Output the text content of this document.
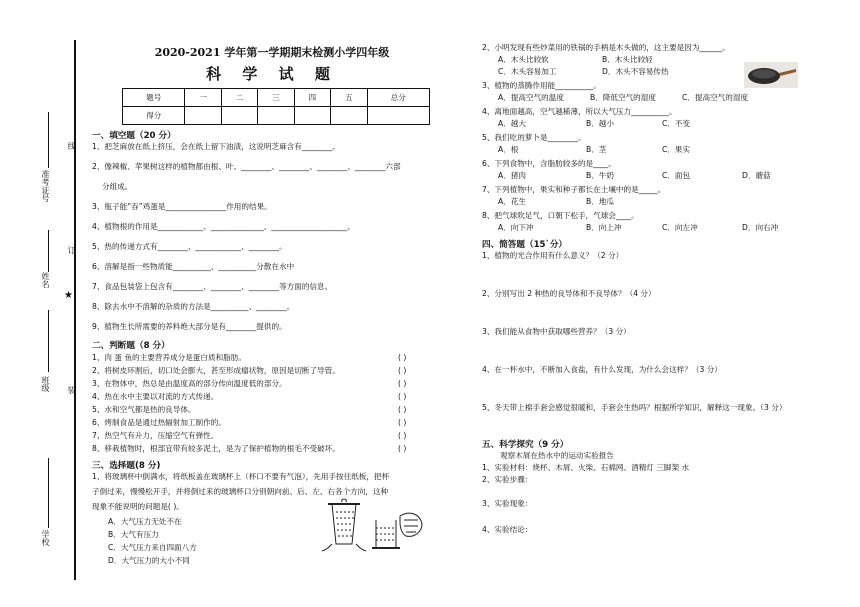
准考证号
姓名
班级
学校
线
订
★
装
2020-2021 学年第一学期期末检测小学四年级
科 学 试 题
题号	一	二	三	四	五	总分
得分						
一、填空题（20 分）
1、把芝麻放在纸上挤压，会在纸上留下油渍，这说明芝麻含有________。
2、像辣椒、苹果树这样的植物都由根、叶、________、________、________、________六部
分组成。
3、瓶子能“吞”鸡蛋是________________作用的结果。
4、植物根的作用是____________、______________、____________________。
5、热的传递方式有________、____________、________。
6、溶解是指一些物质能__________、__________分散在水中
7、食品包装袋上包含有________、________、________等方面的信息。
8、除去水中不溶解的杂质的方法是__________、________。
9、植物生长所需要的养料绝大部分是有________提供的。
二、判断题（8 分）
1、肉 蛋 鱼的主要营养成分是蛋白质和脂肪。	( )
2、将树皮环割后，切口处会膨大，甚至形成瘤状物，原因是切断了导管。	( )
3、在物体中，热总是由温度高的部分传向温度低的部分。	( )
4、热在水中主要以对流的方式传递。	( )
5、水和空气都是热的良导体。	( )
6、烤制食品是通过热辐射加工制作的。	( )
7、热空气有升力，压缩空气有弹性。	( )
8、移栽植物时，根部宜带有较多泥土，是为了保护植物的根毛不受破坏。	( )
三、选择题(8 分)
1、将玻璃杯中倒满水，将纸板盖在玻璃杯上（杯口不要有气泡），先用手按住纸板，把杯
子倒过来，慢慢松开手，并将倒过来的玻璃杯口分别朝向前、后、左、右各个方向，这种
现象不能说明的问题是( )。
A．大气压力无处不在
B．大气有压力
C．大气压力来自四面八方
D．大气压力的大小不同
2、小明发现有些炒菜用的铁锅的手柄是木头做的，这主要是因为______。
A．木头比较软	B．木头比较轻
C．木头容易加工	D．木头不容易传热
3、植物的蒸腾作用能__________。
A．提高空气的温度	B．降低空气的湿度	C．提高空气的湿度
4、离地面越高，空气越稀薄，所以大气压力__________。
A．越大	B．越小	C．不变
5、我们吃的萝卜是________。
A．根	B．茎	C．果实
6、下列食物中，含脂肪较多的是____。
A．猪肉	B．牛奶	C．面包	D．蘑菇
7、下列植物中，果实和种子都长在土壤中的是_____。
A．花生	B．地瓜
8、把气球吹足气，口朝下松手，气球会____。
A．向下冲	B．向上冲	C．向左冲	D．向右冲
四、简答题（15`分）
1、植物的光合作用有什么意义？（2 分）
2、分别写出 2 种热的良导体和不良导体？（4 分）
3、我们能从食物中获取哪些营养？（3 分）
4、在一杯水中，不断加入食盐，有什么发现，为什么会这样？（3 分）
5、冬天带上棉手套会感觉很暖和，手套会生热吗？根据所学知识，解释这一现象。（3 分）
五、科学探究（9 分）
观察木屑在热水中的运动实验报告
1、实验材料：烧杯、木屑、火柴、石棉网、酒精灯 三脚架 水
2、实验步骤：
3、实验现象：
4、实验结论：
